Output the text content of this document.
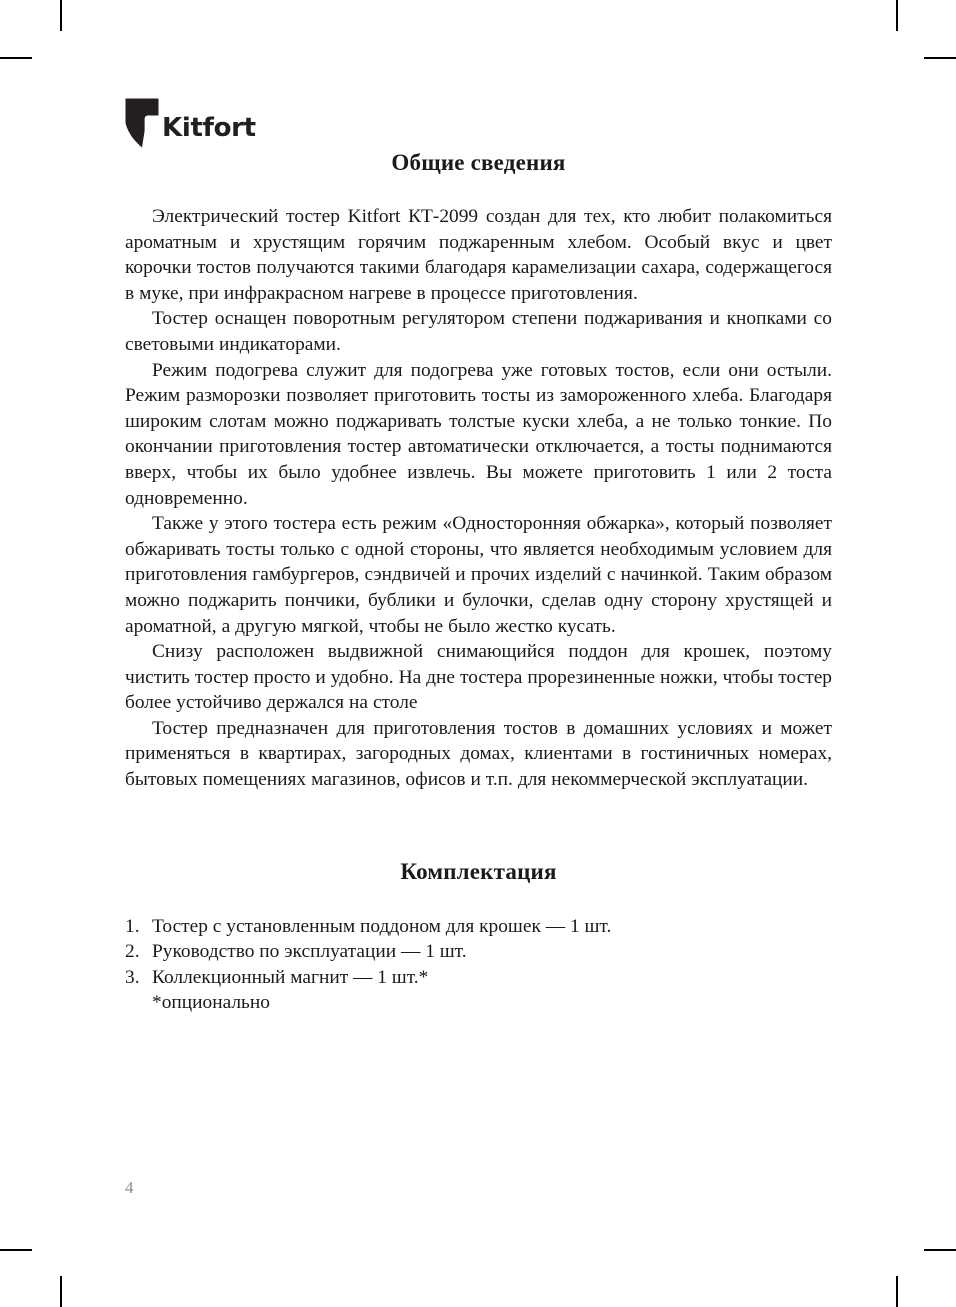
Kitfort
Общие сведения

Электрический тостер Kitfort КТ-2099 создан для тех, кто любит полакомиться ароматным и хрустящим горячим поджаренным хлебом. Особый вкус и цвет корочки тостов получаются такими благодаря карамелизации сахара, содержащегося в муке, при инфракрасном нагреве в процессе приготовления.

Тостер оснащен поворотным регулятором степени поджаривания и кнопками со световыми индикаторами.

Режим подогрева служит для подогрева уже готовых тостов, если они остыли. Режим разморозки позволяет приготовить тосты из замороженного хлеба. Благодаря широким слотам можно поджаривать толстые куски хлеба, а не только тонкие. По окончании приготовления тостер автоматически отключается, а тосты поднимаются вверх, чтобы их было удобнее извлечь. Вы можете приготовить 1 или 2 тоста одновременно.

Также у этого тостера есть режим «Односторонняя обжарка», который позволяет обжаривать тосты только с одной стороны, что является необходимым условием для приготовления гамбургеров, сэндвичей и прочих изделий с начинкой. Таким образом можно поджарить пончики, бублики и булочки, сделав одну сторону хрустящей и ароматной, а другую мягкой, чтобы не было жестко кусать.

Снизу расположен выдвижной снимающийся поддон для крошек, поэтому чистить тостер просто и удобно. На дне тостера прорезиненные ножки, чтобы тостер более устойчиво держался на столе

Тостер предназначен для приготовления тостов в домашних условиях и может применяться в квартирах, загородных домах, клиентами в гостиничных номерах, бытовых помещениях магазинов, офисов и т.п. для некоммерческой эксплуатации.

Комплектация
1. Тостер с установленным поддоном для крошек — 1 шт.
2. Руководство по эксплуатации — 1 шт.
3. Коллекционный магнит — 1 шт.*
*опционально
4
